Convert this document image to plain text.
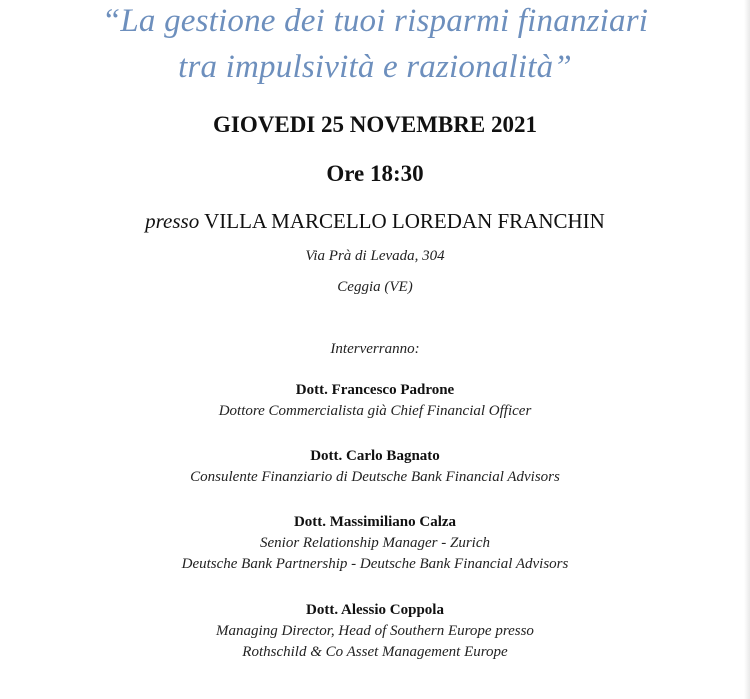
“La gestione dei tuoi risparmi finanziari
tra impulsività e razionalità”
GIOVEDI 25 NOVEMBRE 2021
Ore 18:30
presso VILLA MARCELLO LOREDAN FRANCHIN
Via Prà di Levada, 304
Ceggia (VE)
Interverranno:
Dott. Francesco Padrone
Dottore Commercialista già Chief Financial Officer
Dott. Carlo Bagnato
Consulente Finanziario di Deutsche Bank Financial Advisors
Dott. Massimiliano Calza
Senior Relationship Manager - Zurich
Deutsche Bank Partnership - Deutsche Bank Financial Advisors
Dott. Alessio Coppola
Managing Director, Head of Southern Europe presso
Rothschild & Co Asset Management Europe
